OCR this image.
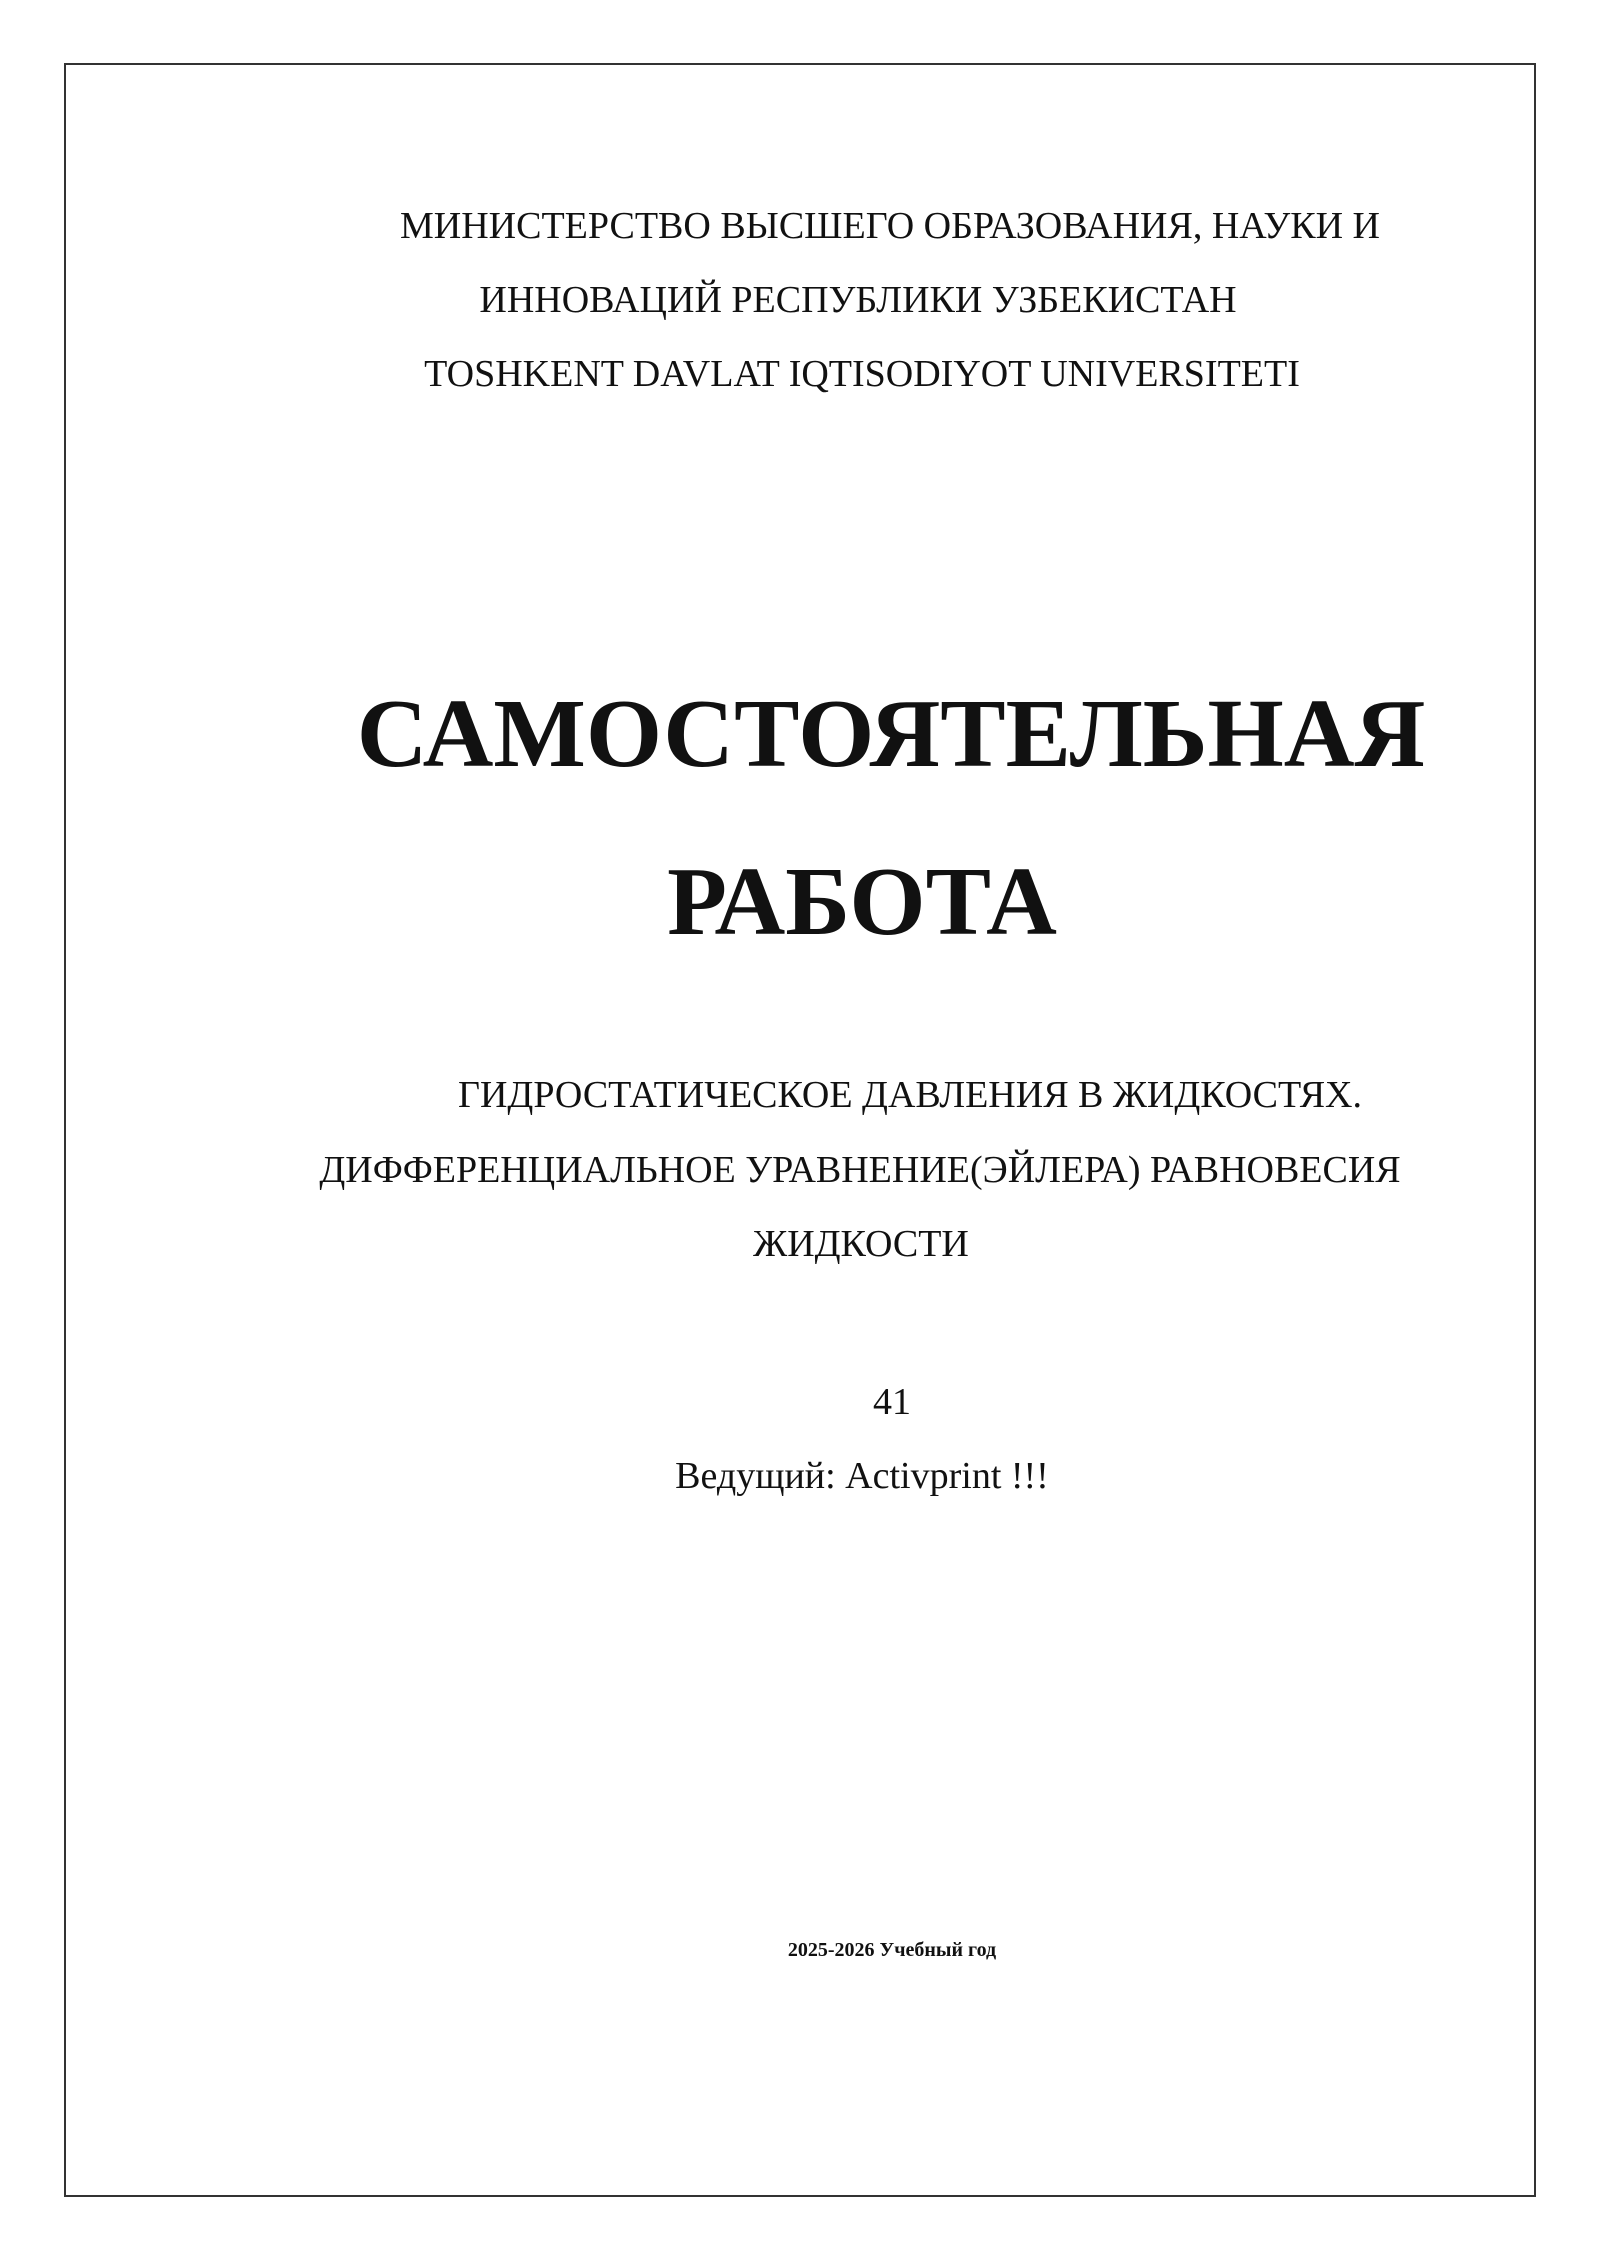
МИНИСТЕРСТВО ВЫСШЕГО ОБРАЗОВАНИЯ, НАУКИ И
ИННОВАЦИЙ РЕСПУБЛИКИ УЗБЕКИСТАН
TOSHKENT DAVLAT IQTISODIYOT UNIVERSITETI
САМОСТОЯТЕЛЬНАЯ
РАБОТА
ГИДРОСТАТИЧЕСКОЕ ДАВЛЕНИЯ В ЖИДКОСТЯХ.
ДИФФЕРЕНЦИАЛЬНОЕ УРАВНЕНИЕ(ЭЙЛЕРА) РАВНОВЕСИЯ
ЖИДКОСТИ
41
Ведущий: Activprint !!!
2025-2026 Учебный год
